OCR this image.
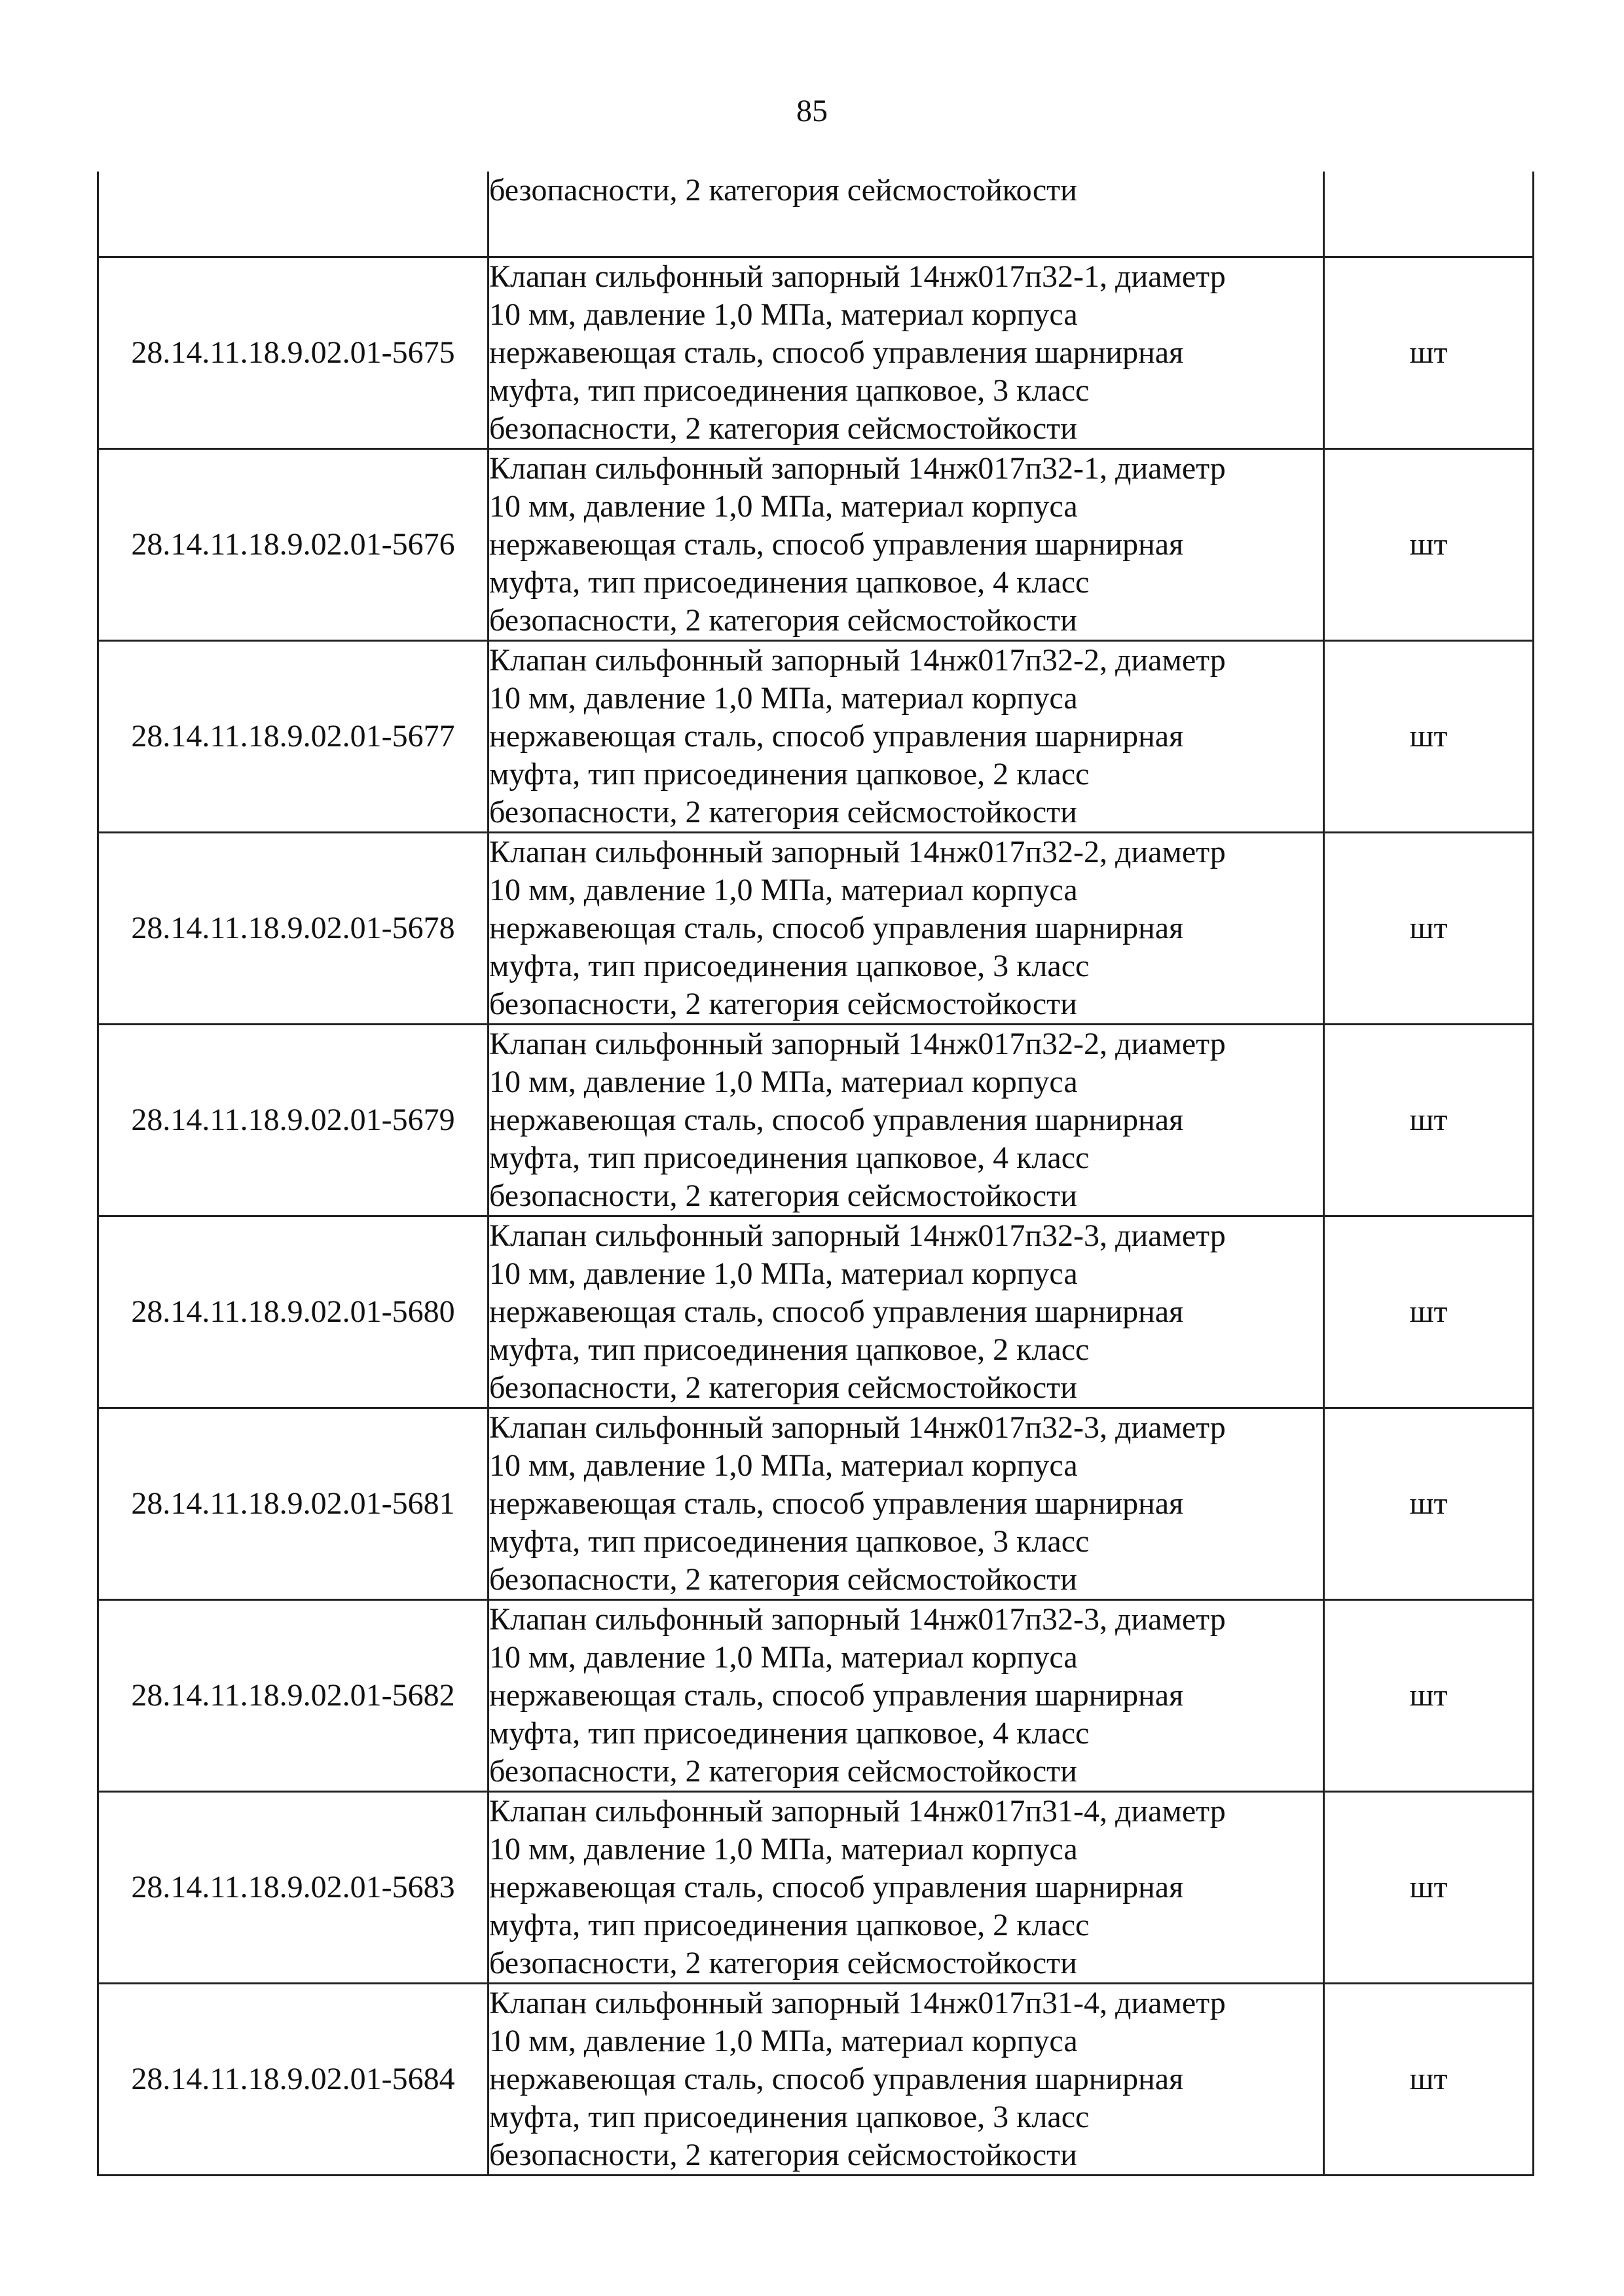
85

	безопасности, 2 категория сейсмостойкости	

28.14.11.18.9.02.01-5675	Клапан сильфонный запорный 14нж017п32-1, диаметр
10 мм, давление 1,0 МПа, материал корпуса
нержавеющая сталь, способ управления шарнирная
муфта, тип присоединения цапковое, 3 класс
безопасности, 2 категория сейсмостойкости	шт
28.14.11.18.9.02.01-5676	Клапан сильфонный запорный 14нж017п32-1, диаметр
10 мм, давление 1,0 МПа, материал корпуса
нержавеющая сталь, способ управления шарнирная
муфта, тип присоединения цапковое, 4 класс
безопасности, 2 категория сейсмостойкости	шт
28.14.11.18.9.02.01-5677	Клапан сильфонный запорный 14нж017п32-2, диаметр
10 мм, давление 1,0 МПа, материал корпуса
нержавеющая сталь, способ управления шарнирная
муфта, тип присоединения цапковое, 2 класс
безопасности, 2 категория сейсмостойкости	шт
28.14.11.18.9.02.01-5678	Клапан сильфонный запорный 14нж017п32-2, диаметр
10 мм, давление 1,0 МПа, материал корпуса
нержавеющая сталь, способ управления шарнирная
муфта, тип присоединения цапковое, 3 класс
безопасности, 2 категория сейсмостойкости	шт
28.14.11.18.9.02.01-5679	Клапан сильфонный запорный 14нж017п32-2, диаметр
10 мм, давление 1,0 МПа, материал корпуса
нержавеющая сталь, способ управления шарнирная
муфта, тип присоединения цапковое, 4 класс
безопасности, 2 категория сейсмостойкости	шт
28.14.11.18.9.02.01-5680	Клапан сильфонный запорный 14нж017п32-3, диаметр
10 мм, давление 1,0 МПа, материал корпуса
нержавеющая сталь, способ управления шарнирная
муфта, тип присоединения цапковое, 2 класс
безопасности, 2 категория сейсмостойкости	шт
28.14.11.18.9.02.01-5681	Клапан сильфонный запорный 14нж017п32-3, диаметр
10 мм, давление 1,0 МПа, материал корпуса
нержавеющая сталь, способ управления шарнирная
муфта, тип присоединения цапковое, 3 класс
безопасности, 2 категория сейсмостойкости	шт
28.14.11.18.9.02.01-5682	Клапан сильфонный запорный 14нж017п32-3, диаметр
10 мм, давление 1,0 МПа, материал корпуса
нержавеющая сталь, способ управления шарнирная
муфта, тип присоединения цапковое, 4 класс
безопасности, 2 категория сейсмостойкости	шт
28.14.11.18.9.02.01-5683	Клапан сильфонный запорный 14нж017п31-4, диаметр
10 мм, давление 1,0 МПа, материал корпуса
нержавеющая сталь, способ управления шарнирная
муфта, тип присоединения цапковое, 2 класс
безопасности, 2 категория сейсмостойкости	шт
28.14.11.18.9.02.01-5684	Клапан сильфонный запорный 14нж017п31-4, диаметр
10 мм, давление 1,0 МПа, материал корпуса
нержавеющая сталь, способ управления шарнирная
муфта, тип присоединения цапковое, 3 класс
безопасности, 2 категория сейсмостойкости	шт
